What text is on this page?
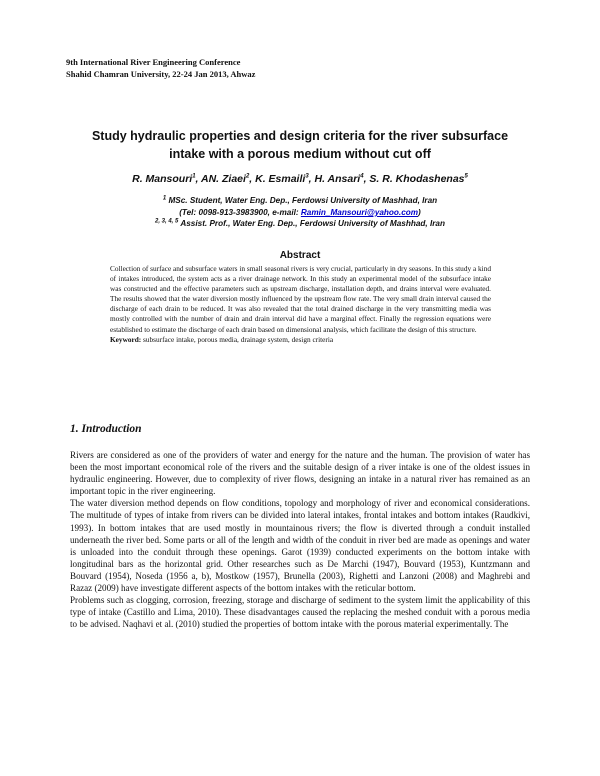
9th International River Engineering Conference
Shahid Chamran University, 22-24 Jan 2013, Ahwaz
Study hydraulic properties and design criteria for the river subsurface intake with a porous medium without cut off
R. Mansouri$^1$, AN. Ziaei$^2$, K. Esmaili$^3$, H. Ansari$^4$, S. R. Khodashenas$^5$
$^1$ MSc. Student, Water Eng. Dep., Ferdowsi University of Mashhad, Iran
(Tel: 0098-913-3983900, e-mail: Ramin_Mansouri@yahoo.com)
$^{2, 3, 4, 5}$ Assist. Prof., Water Eng. Dep., Ferdowsi University of Mashhad, Iran
Abstract
Collection of surface and subsurface waters in small seasonal rivers is very crucial, particularly in dry seasons. In this study a kind of intakes introduced, the system acts as a river drainage network. In this study an experimental model of the subsurface intake was constructed and the effective parameters such as upstream discharge, installation depth, and drains interval were evaluated. The results showed that the water diversion mostly influenced by the upstream flow rate. The very small drain interval caused the discharge of each drain to be reduced. It was also revealed that the total drained discharge in the very transmitting media was mostly controlled with the number of drain and drain interval did have a marginal effect. Finally the regression equations were established to estimate the discharge of each drain based on dimensional analysis, which facilitate the design of this structure.
Keyword: subsurface intake, porous media, drainage system, design criteria
1. Introduction

Rivers are considered as one of the providers of water and energy for the nature and the human. The provision of water has been the most important economical role of the rivers and the suitable design of a river intake is one of the oldest issues in hydraulic engineering. However, due to complexity of river flows, designing an intake in a natural river has remained as an important topic in the river engineering.

The water diversion method depends on flow conditions, topology and morphology of river and economical considerations. The multitude of types of intake from rivers can be divided into lateral intakes, frontal intakes and bottom intakes (Raudkivi, 1993). In bottom intakes that are used mostly in mountainous rivers; the flow is diverted through a conduit installed underneath the river bed. Some parts or all of the length and width of the conduit in river bed are made as openings and water is unloaded into the conduit through these openings. Garot (1939) conducted experiments on the bottom intake with longitudinal bars as the horizontal grid. Other researches such as De Marchi (1947), Bouvard (1953), Kuntzmann and Bouvard (1954), Noseda (1956 a, b), Mostkow (1957), Brunella (2003), Righetti and Lanzoni (2008) and Maghrebi and Razaz (2009) have investigate different aspects of the bottom intakes with the reticular bottom.

Problems such as clogging, corrosion, freezing, storage and discharge of sediment to the system limit the applicability of this type of intake (Castillo and Lima, 2010). These disadvantages caused the replacing the meshed conduit with a porous media to be advised. Naqhavi et al. (2010) studied the properties of bottom intake with the porous material experimentally. The
